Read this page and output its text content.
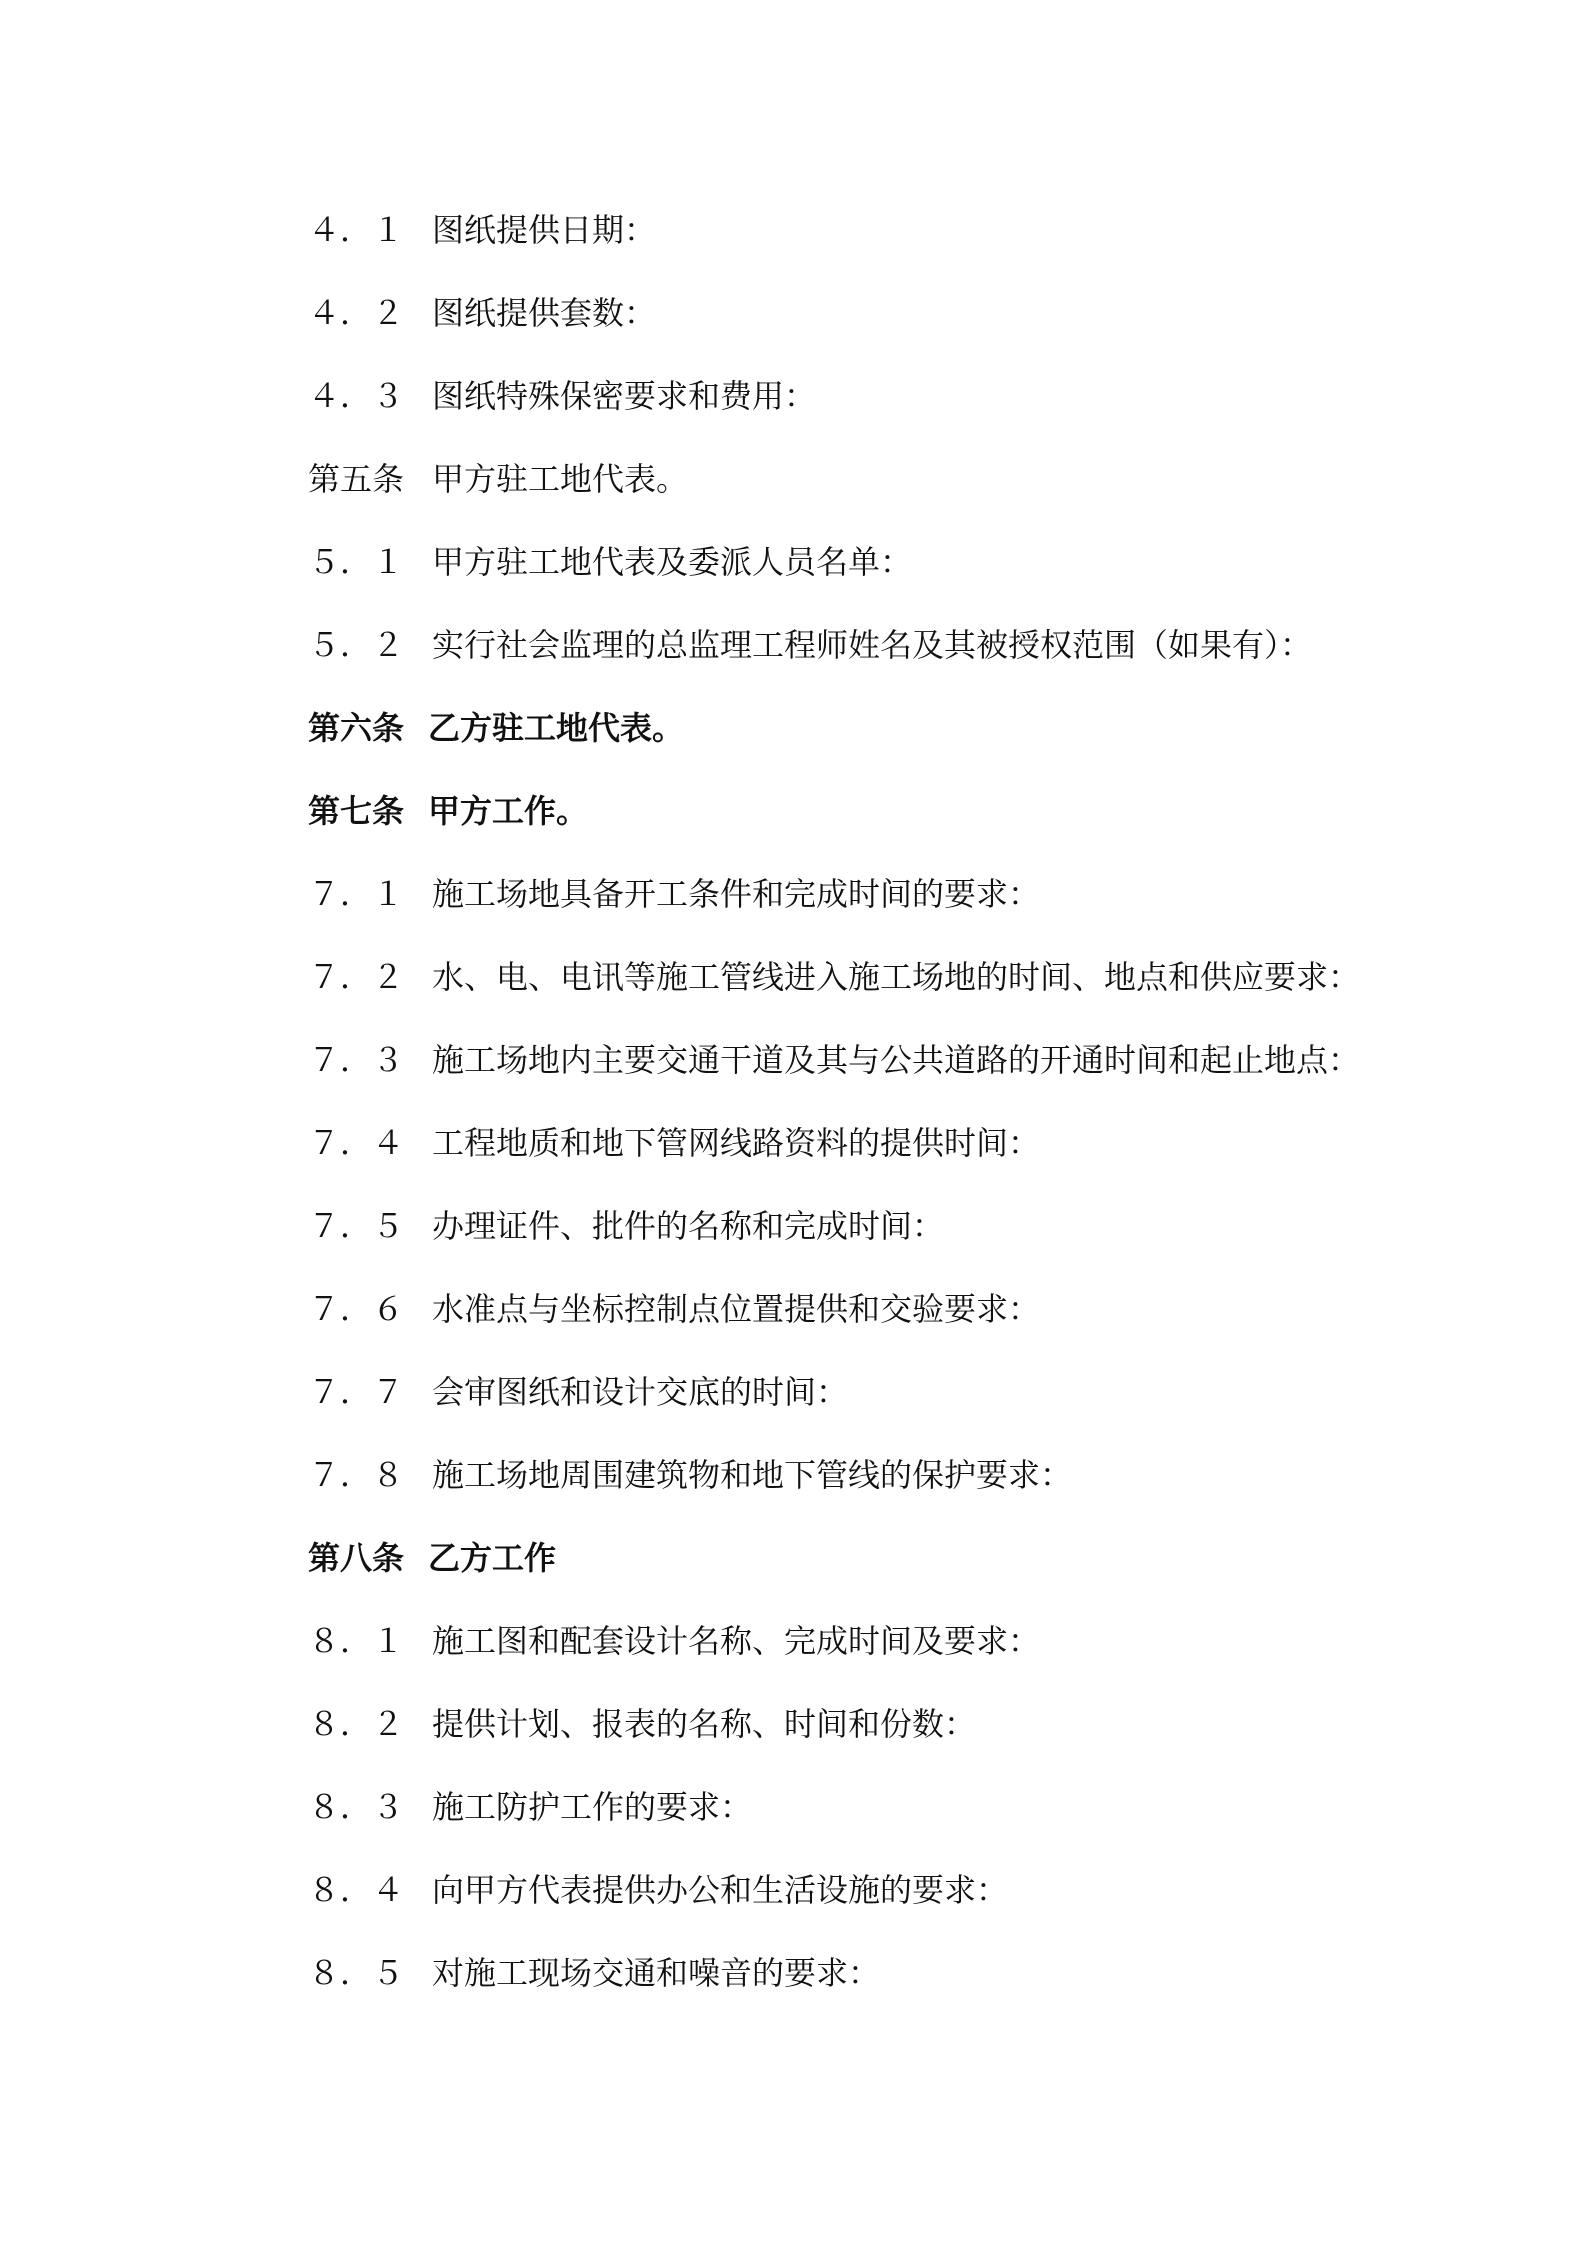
４．１ 图纸提供日期：
４．２ 图纸提供套数：
４．３ 图纸特殊保密要求和费用：
第五条 甲方驻工地代表。
５．１ 甲方驻工地代表及委派人员名单：
５．２ 实行社会监理的总监理工程师姓名及其被授权范围（如果有）：
第六条 乙方驻工地代表。
第七条 甲方工作。
７．１ 施工场地具备开工条件和完成时间的要求：
７．２ 水、电、电讯等施工管线进入施工场地的时间、地点和供应要求：
７．３ 施工场地内主要交通干道及其与公共道路的开通时间和起止地点：
７．４ 工程地质和地下管网线路资料的提供时间：
７．５ 办理证件、批件的名称和完成时间：
７．６ 水准点与坐标控制点位置提供和交验要求：
７．７ 会审图纸和设计交底的时间：
７．８ 施工场地周围建筑物和地下管线的保护要求：
第八条 乙方工作
８．１ 施工图和配套设计名称、完成时间及要求：
８．２ 提供计划、报表的名称、时间和份数：
８．３ 施工防护工作的要求：
８．４ 向甲方代表提供办公和生活设施的要求：
８．５ 对施工现场交通和噪音的要求：
